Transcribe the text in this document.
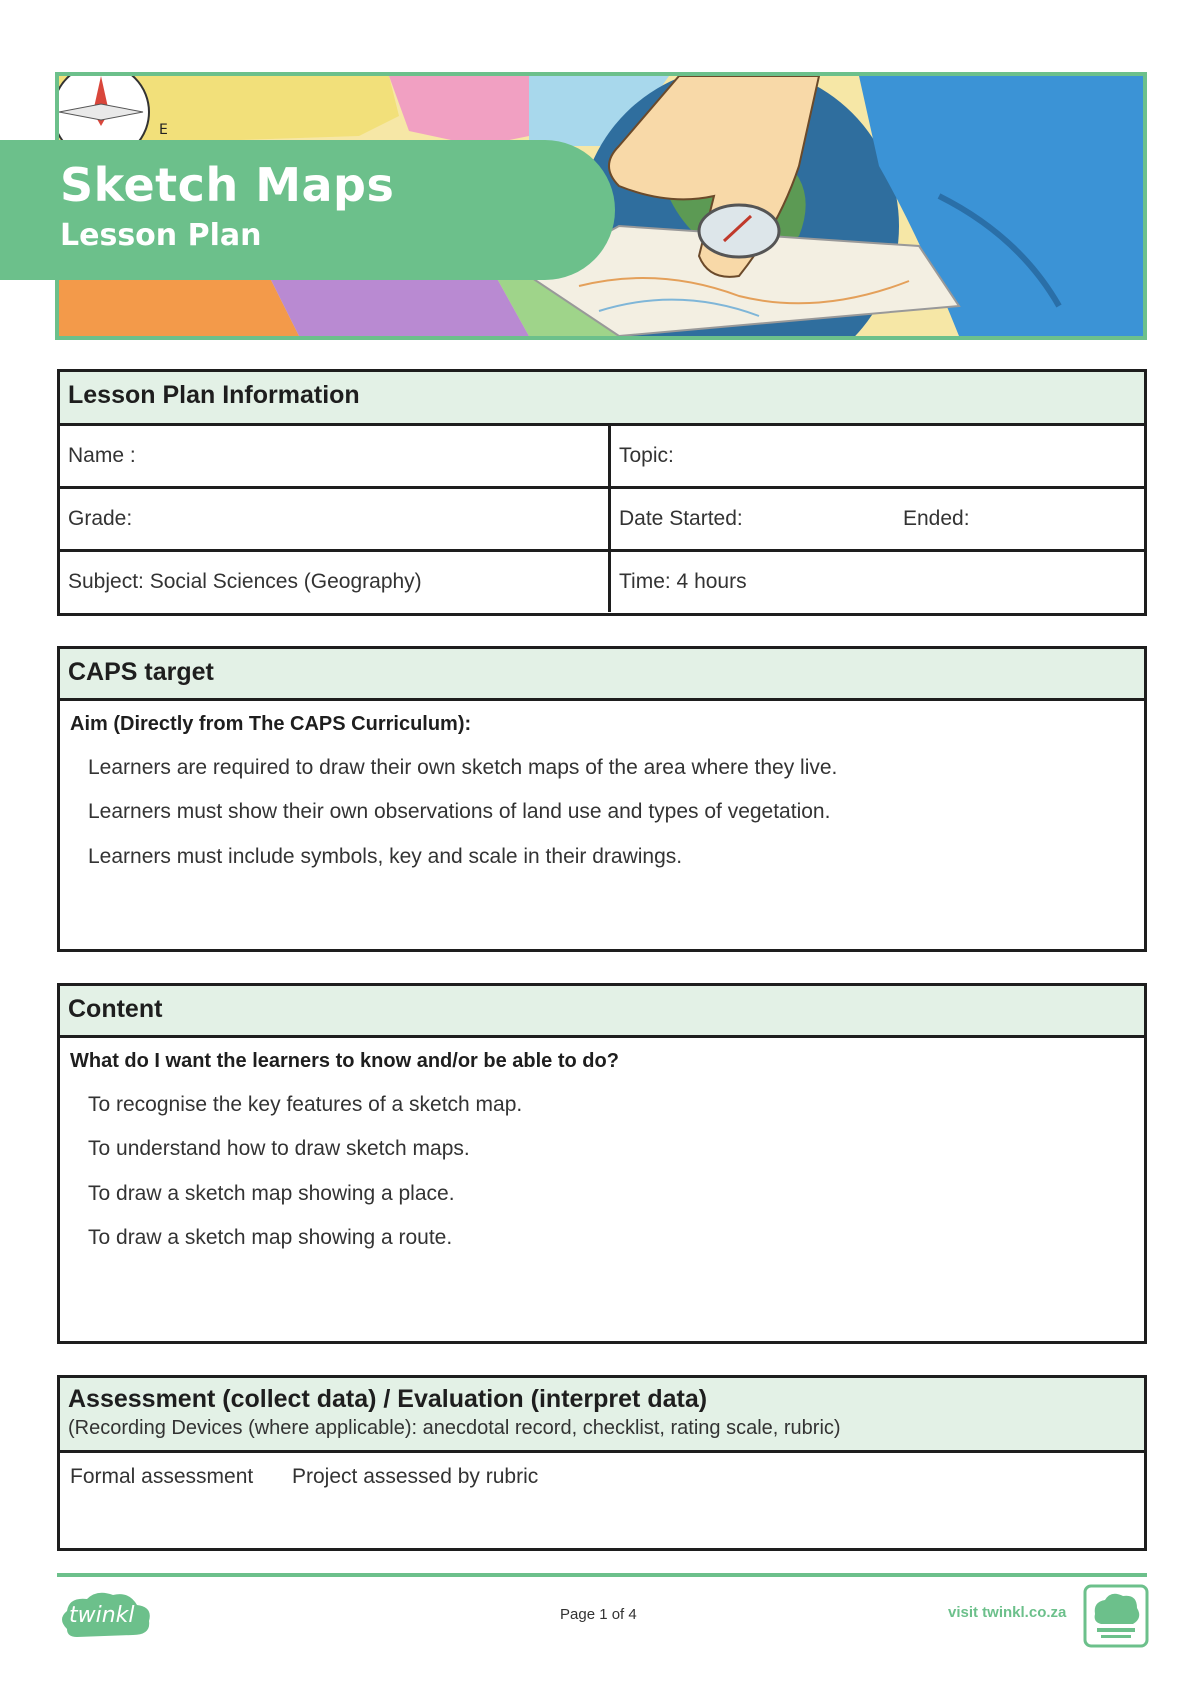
E
Sketch Maps
Lesson Plan
Lesson Plan Information
Name :	Topic:
Grade:	Date Started: Ended:
Subject: Social Sciences (Geography)	Time: 4 hours
CAPS target
Aim (Directly from The CAPS Curriculum):
Learners are required to draw their own sketch maps of the area where they live.
Learners must show their own observations of land use and types of vegetation.
Learners must include symbols, key and scale in their drawings.
Content
What do I want the learners to know and/or be able to do?
To recognise the key features of a sketch map.
To understand how to draw sketch maps.
To draw a sketch map showing a place.
To draw a sketch map showing a route.
Assessment (collect data) / Evaluation (interpret data)
(Recording Devices (where applicable): anecdotal record, checklist, rating scale, rubric)
Formal assessment Project assessed by rubric
twinkl	Page 1 of 4	visit twinkl.co.za
